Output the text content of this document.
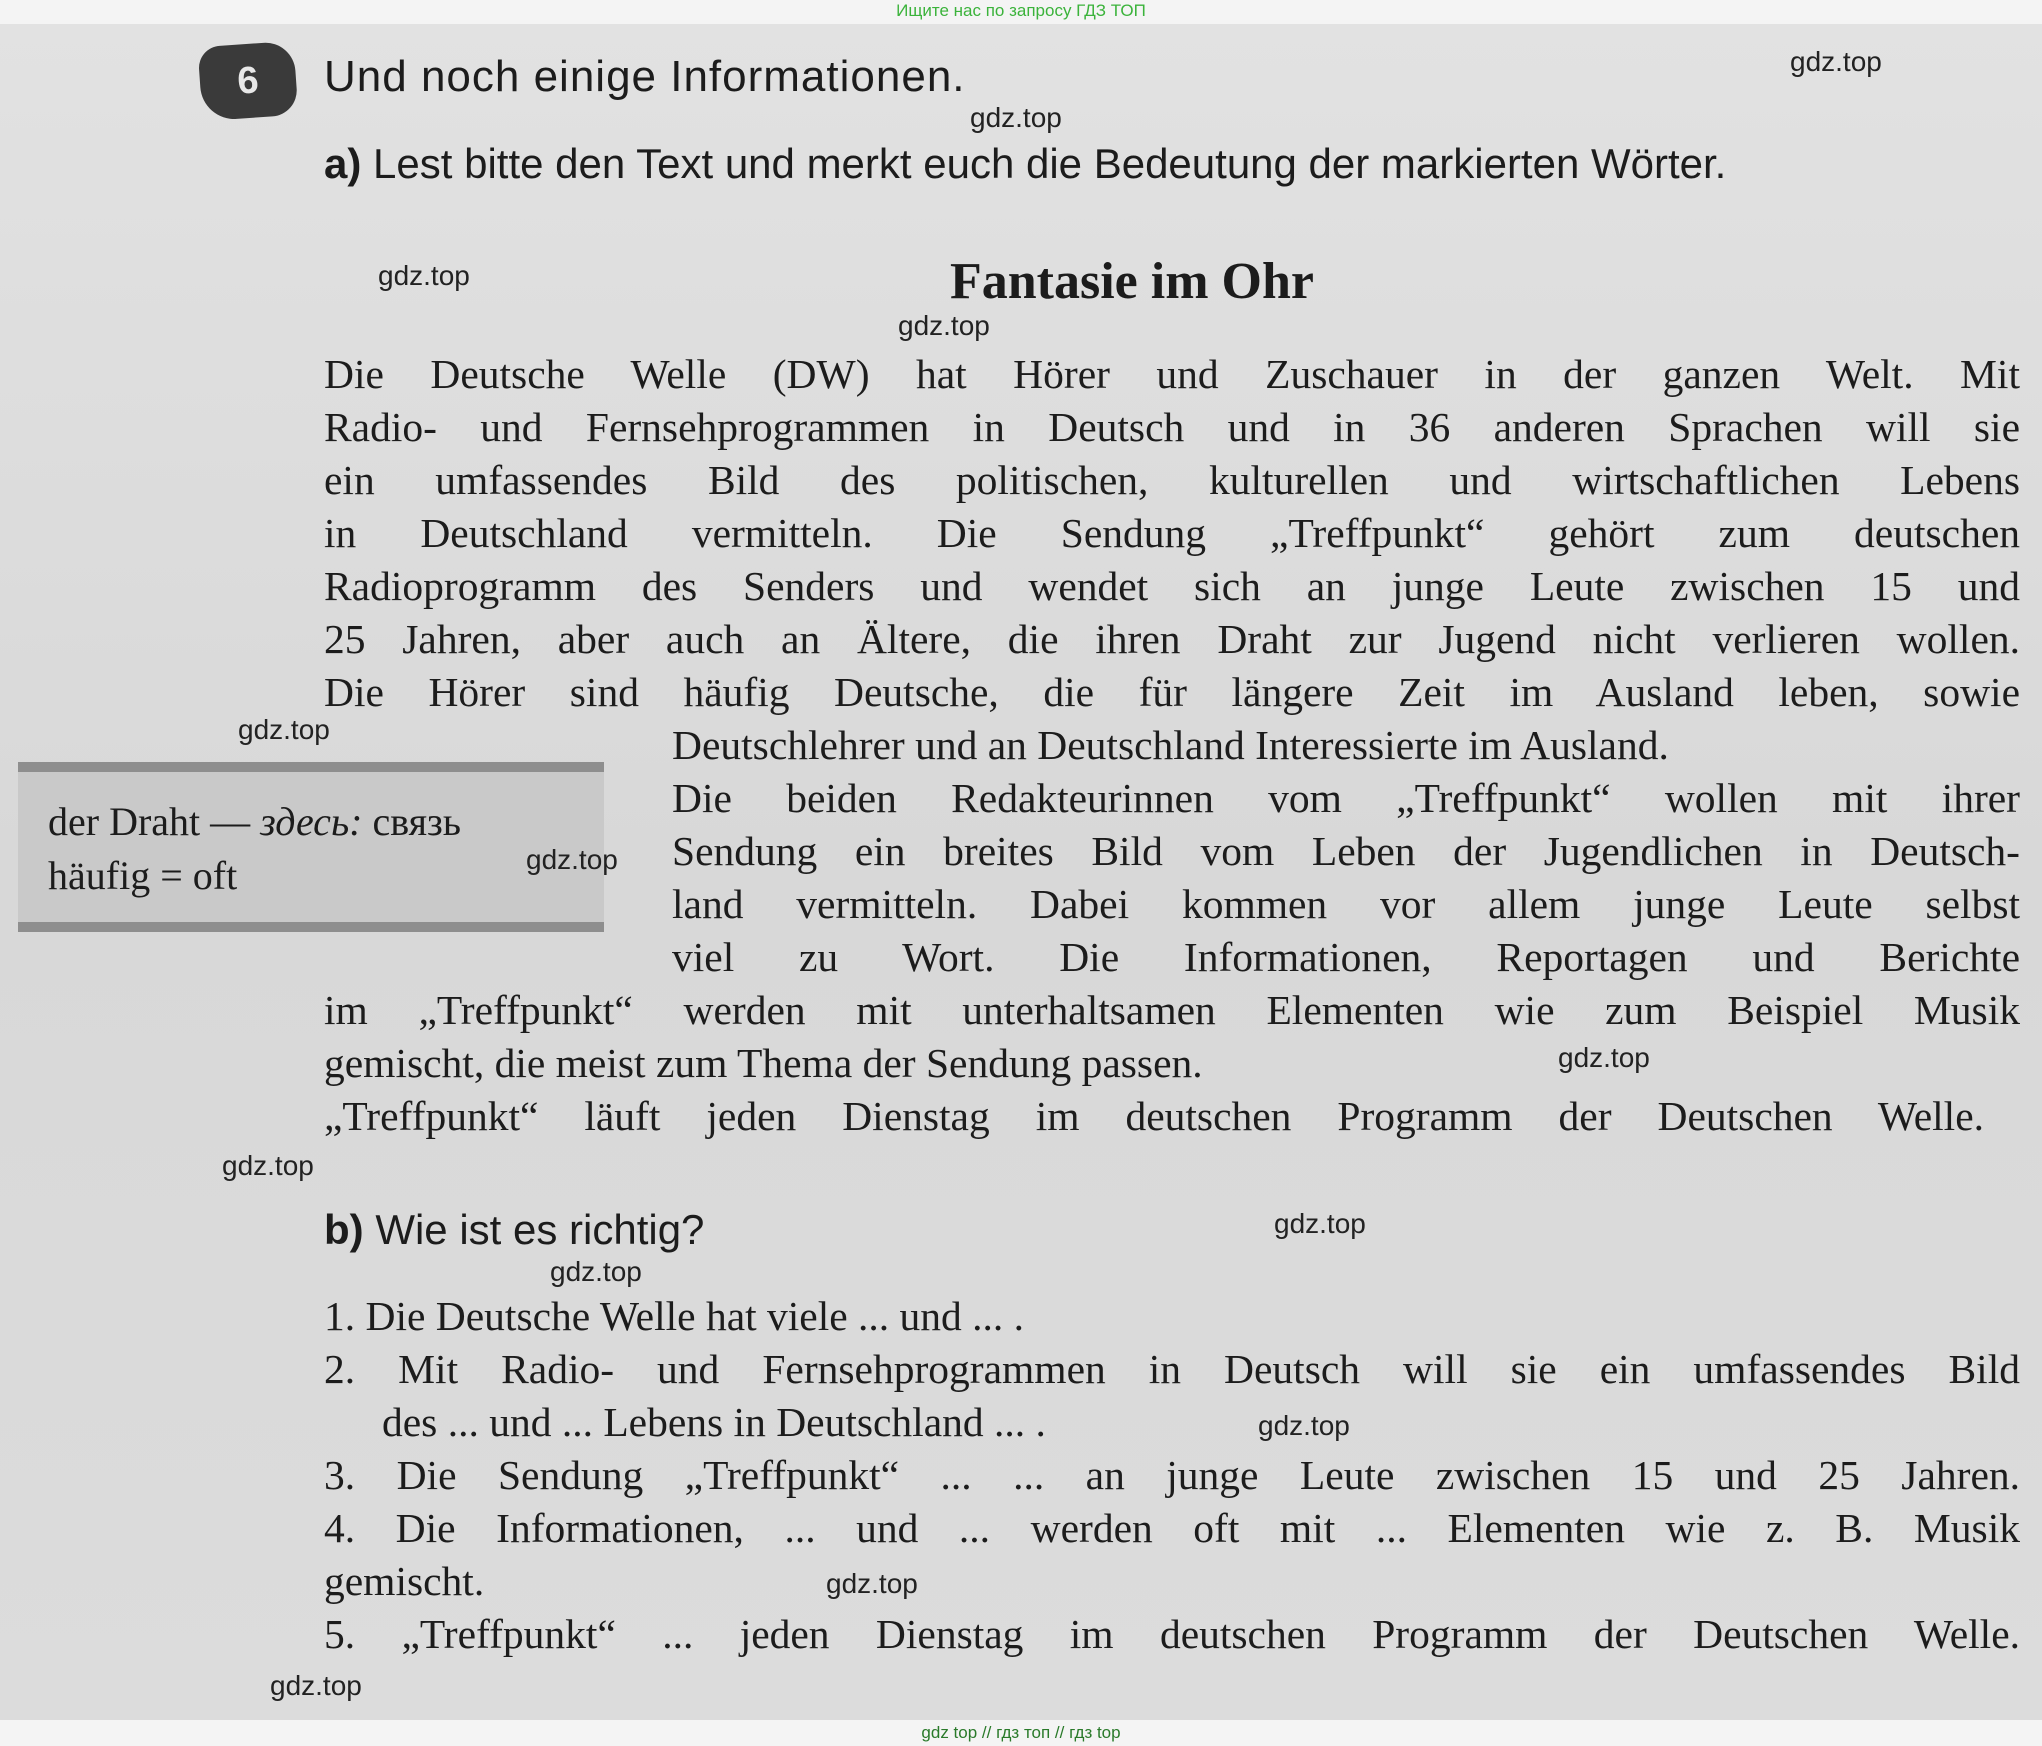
Ищите нас по запросу ГДЗ ТОП
6	Und noch einige Informationen.
a) Lest bitte den Text und merkt euch die Bedeutung der markierten Wörter.
Fantasie im Ohr
Die Deutsche Welle (DW) hat Hörer und Zuschauer in der ganzen Welt. Mit
Radio- und Fernsehprogrammen in Deutsch und in 36 anderen Sprachen will sie
ein umfassendes Bild des politischen, kulturellen und wirtschaftlichen Lebens
in Deutschland vermitteln. Die Sendung „Treffpunkt“ gehört zum deutschen
Radioprogramm des Senders und wendet sich an junge Leute zwischen 15 und
25 Jahren, aber auch an Ältere, die ihren Draht zur Jugend nicht verlieren wollen.
Die Hörer sind häufig Deutsche, die für längere Zeit im Ausland leben, sowie
Deutschlehrer und an Deutschland Interessierte im Ausland.
Die beiden Redakteurinnen vom „Treffpunkt“ wollen mit ihrer
Sendung ein breites Bild vom Leben der Jugendlichen in Deutsch-
land vermitteln. Dabei kommen vor allem junge Leute selbst
viel zu Wort. Die Informationen, Reportagen und Berichte
im „Treffpunkt“ werden mit unterhaltsamen Elementen wie zum Beispiel Musik
gemischt, die meist zum Thema der Sendung passen.
„Treffpunkt“ läuft jeden Dienstag im deutschen Programm der Deutschen Welle.
der Draht — здесь: связь
häufig = oft
b) Wie ist es richtig?
1. Die Deutsche Welle hat viele ... und ... .
2. Mit Radio- und Fernsehprogrammen in Deutsch will sie ein umfassendes Bild
des ... und ... Lebens in Deutschland ... .
3. Die Sendung „Treffpunkt“ ... ... an junge Leute zwischen 15 und 25 Jahren.
4. Die Informationen, ... und ... werden oft mit ... Elementen wie z. B. Musik
gemischt.
5. „Treffpunkt“ ... jeden Dienstag im deutschen Programm der Deutschen Welle.
gdz.top
gdz.top
gdz.top
gdz.top
gdz.top
gdz.top
gdz.top
gdz.top
gdz.top
gdz.top
gdz.top
gdz.top
gdz.top
gdz top // гдз топ // гдз top
